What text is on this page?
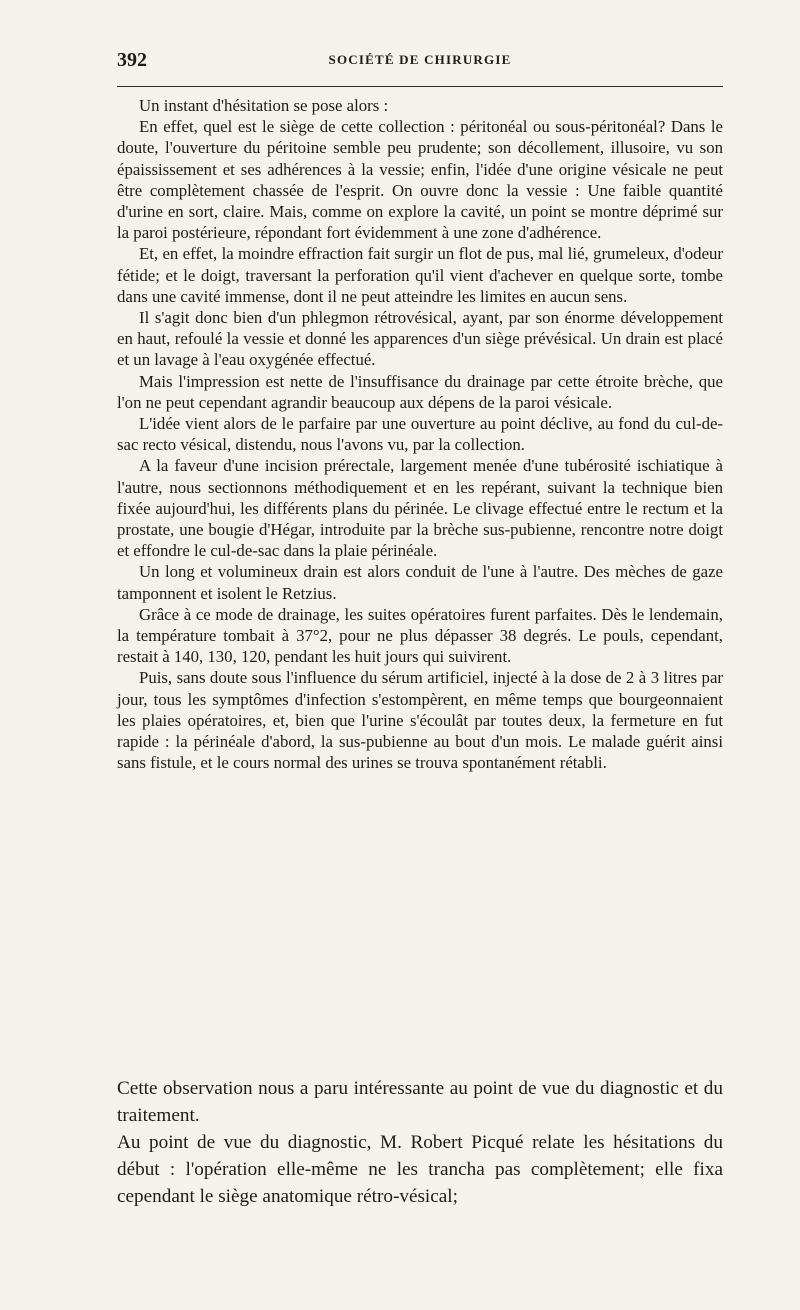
392	SOCIÉTÉ DE CHIRURGIE

Un instant d'hésitation se pose alors :

En effet, quel est le siège de cette collection : péritonéal ou sous-péritonéal? Dans le doute, l'ouverture du péritoine semble peu prudente; son décollement, illusoire, vu son épaississement et ses adhérences à la vessie; enfin, l'idée d'une origine vésicale ne peut être complètement chassée de l'esprit. On ouvre donc la vessie : Une faible quantité d'urine en sort, claire. Mais, comme on explore la cavité, un point se montre déprimé sur la paroi postérieure, répondant fort évidemment à une zone d'adhérence.

Et, en effet, la moindre effraction fait surgir un flot de pus, mal lié, grumeleux, d'odeur fétide; et le doigt, traversant la perforation qu'il vient d'achever en quelque sorte, tombe dans une cavité immense, dont il ne peut atteindre les limites en aucun sens.

Il s'agit donc bien d'un phlegmon rétrovésical, ayant, par son énorme développement en haut, refoulé la vessie et donné les apparences d'un siège prévésical. Un drain est placé et un lavage à l'eau oxygénée effectué.

Mais l'impression est nette de l'insuffisance du drainage par cette étroite brèche, que l'on ne peut cependant agrandir beaucoup aux dépens de la paroi vésicale.

L'idée vient alors de le parfaire par une ouverture au point déclive, au fond du cul-de-sac recto vésical, distendu, nous l'avons vu, par la collection.

A la faveur d'une incision prérectale, largement menée d'une tubérosité ischiatique à l'autre, nous sectionnons méthodiquement et en les repérant, suivant la technique bien fixée aujourd'hui, les différents plans du périnée. Le clivage effectué entre le rectum et la prostate, une bougie d'Hégar, introduite par la brèche sus-pubienne, rencontre notre doigt et effondre le cul-de-sac dans la plaie périnéale.

Un long et volumineux drain est alors conduit de l'une à l'autre. Des mèches de gaze tamponnent et isolent le Retzius.

Grâce à ce mode de drainage, les suites opératoires furent parfaites. Dès le lendemain, la température tombait à 37°2, pour ne plus dépasser 38 degrés. Le pouls, cependant, restait à 140, 130, 120, pendant les huit jours qui suivirent.

Puis, sans doute sous l'influence du sérum artificiel, injecté à la dose de 2 à 3 litres par jour, tous les symptômes d'infection s'estompèrent, en même temps que bourgeonnaient les plaies opératoires, et, bien que l'urine s'écoulât par toutes deux, la fermeture en fut rapide : la périnéale d'abord, la sus-pubienne au bout d'un mois. Le malade guérit ainsi sans fistule, et le cours normal des urines se trouva spontanément rétabli.

Cette observation nous a paru intéressante au point de vue du diagnostic et du traitement.

Au point de vue du diagnostic, M. Robert Picqué relate les hésitations du début : l'opération elle-même ne les trancha pas complètement; elle fixa cependant le siège anatomique rétro-vésical;
